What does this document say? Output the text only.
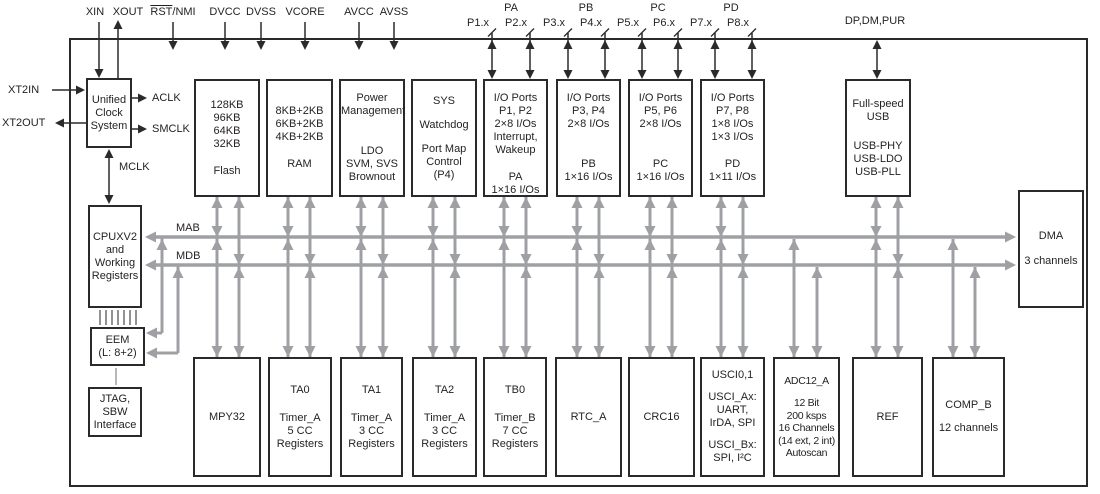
XIN XOUT $\overline{RST}$/NMI DVCC DVSS VCORE AVCC AVSS	PA	PB	PC	PD
P1.x P2.x P3.x P4.x P5.x P6.x P7.x P8.x	DP,DM,PUR
XT2IN
XT2OUT
ACLK
SMCLK
MCLK
MAB
MDB
Unified
Clock
System
CPUXV2
and
Working
Registers
EEM
(L: 8+2)
JTAG,
SBW
Interface
128KB
96KB
64KB
32KB
Flash
8KB+2KB
6KB+2KB
4KB+2KB
RAM
Power
Management
LDO
SVM, SVS
Brownout
SYS
Watchdog
Port Map
Control
(P4)
I/O Ports
P1, P2
2×8 I/Os
Interrupt,
Wakeup
PA
1×16 I/Os
I/O Ports
P3, P4
2×8 I/Os
PB
1×16 I/Os
I/O Ports
P5, P6
2×8 I/Os
PC
1×16 I/Os
I/O Ports
P7, P8
1×8 I/Os
1×3 I/Os
PD
1×11 I/Os
Full-speed
USB
USB-PHY
USB-LDO
USB-PLL
DMA
3 channels
MPY32
TA0
Timer_A
5 CC
Registers
TA1
Timer_A
3 CC
Registers
TA2
Timer_A
3 CC
Registers
TB0
Timer_B
7 CC
Registers
RTC_A	CRC16
USCI0,1
USCI_Ax:
UART,
IrDA, SPI
USCI_Bx:
SPI, I²C
ADC12_A
12 Bit
200 ksps
16 Channels
(14 ext, 2 int)
Autoscan
REF
COMP_B
12 channels
